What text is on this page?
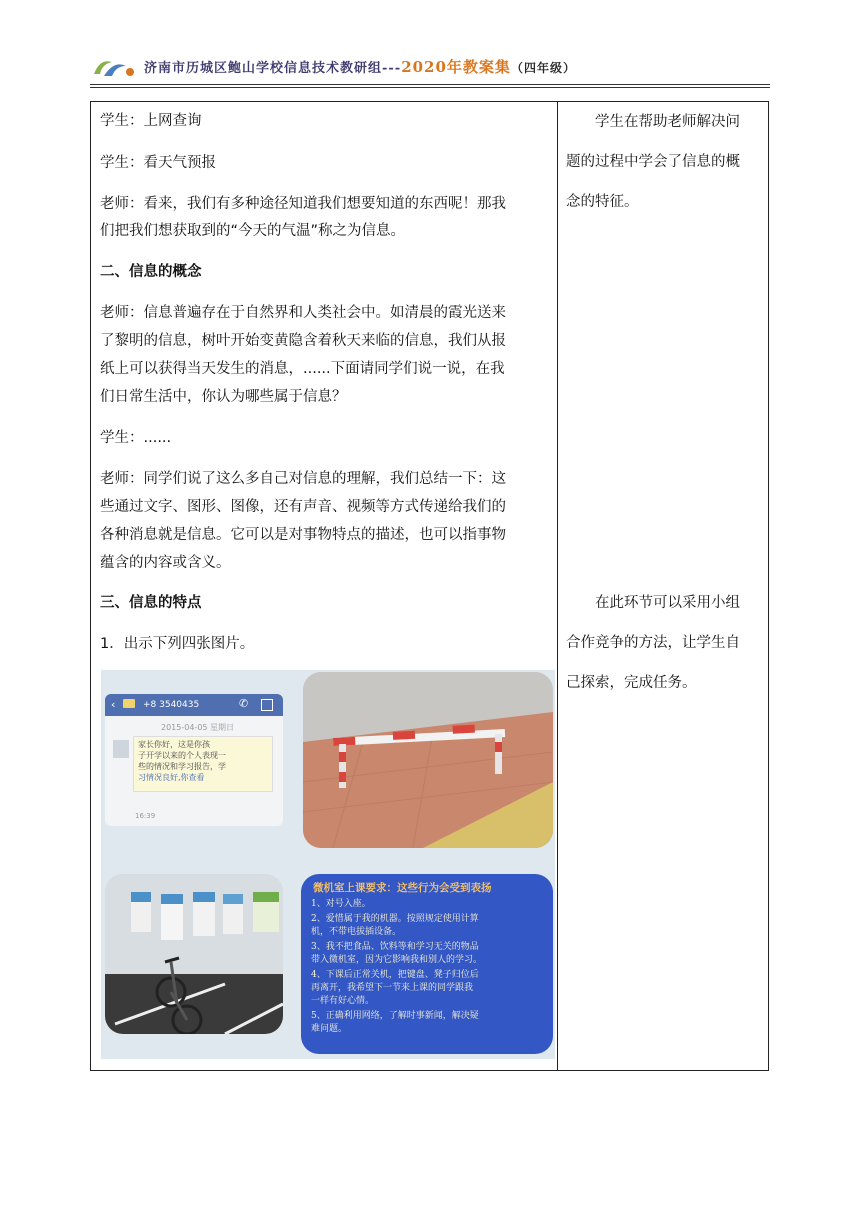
济南市历城区鲍山学校信息技术教研组---2020年教案集（四年级）
学生：上网查询
学生：看天气预报
老师：看来，我们有多种途径知道我们想要知道的东西呢！那我
们把我们想获取到的“今天的气温”称之为信息。
二、信息的概念
老师：信息普遍存在于自然界和人类社会中。如清晨的霞光送来
了黎明的信息，树叶开始变黄隐含着秋天来临的信息，我们从报
纸上可以获得当天发生的消息，......下面请同学们说一说，在我
们日常生活中，你认为哪些属于信息？
学生：......
老师：同学们说了这么多自己对信息的理解，我们总结一下：这
些通过文字、图形、图像，还有声音、视频等方式传递给我们的
各种消息就是信息。它可以是对事物特点的描述，也可以指事物
蕴含的内容或含义。
三、信息的特点
1．出示下列四张图片。
学生在帮助老师解决问
题的过程中学会了信息的概
念的特征。
在此环节可以采用小组
合作竞争的方法，让学生自
己探索，完成任务。
‹	+8 3540435	✆
2015-04-05 星期日
家长你好，这是你孩
子开学以来的个人表现一
些的情况和学习报告，学
习情况良好,你查看
16:39
微机室上课要求：这些行为会受到表扬
1、对号入座。
2、爱惜属于我的机器。按照规定使用计算
机，不带电拔插设备。
3、我不把食品、饮料等和学习无关的物品
带入微机室，因为它影响我和别人的学习。
4、下课后正常关机，把键盘、凳子归位后
再离开，我希望下一节来上课的同学跟我
一样有好心情。
5、正确利用网络，了解时事新闻，解决疑
难问题。
